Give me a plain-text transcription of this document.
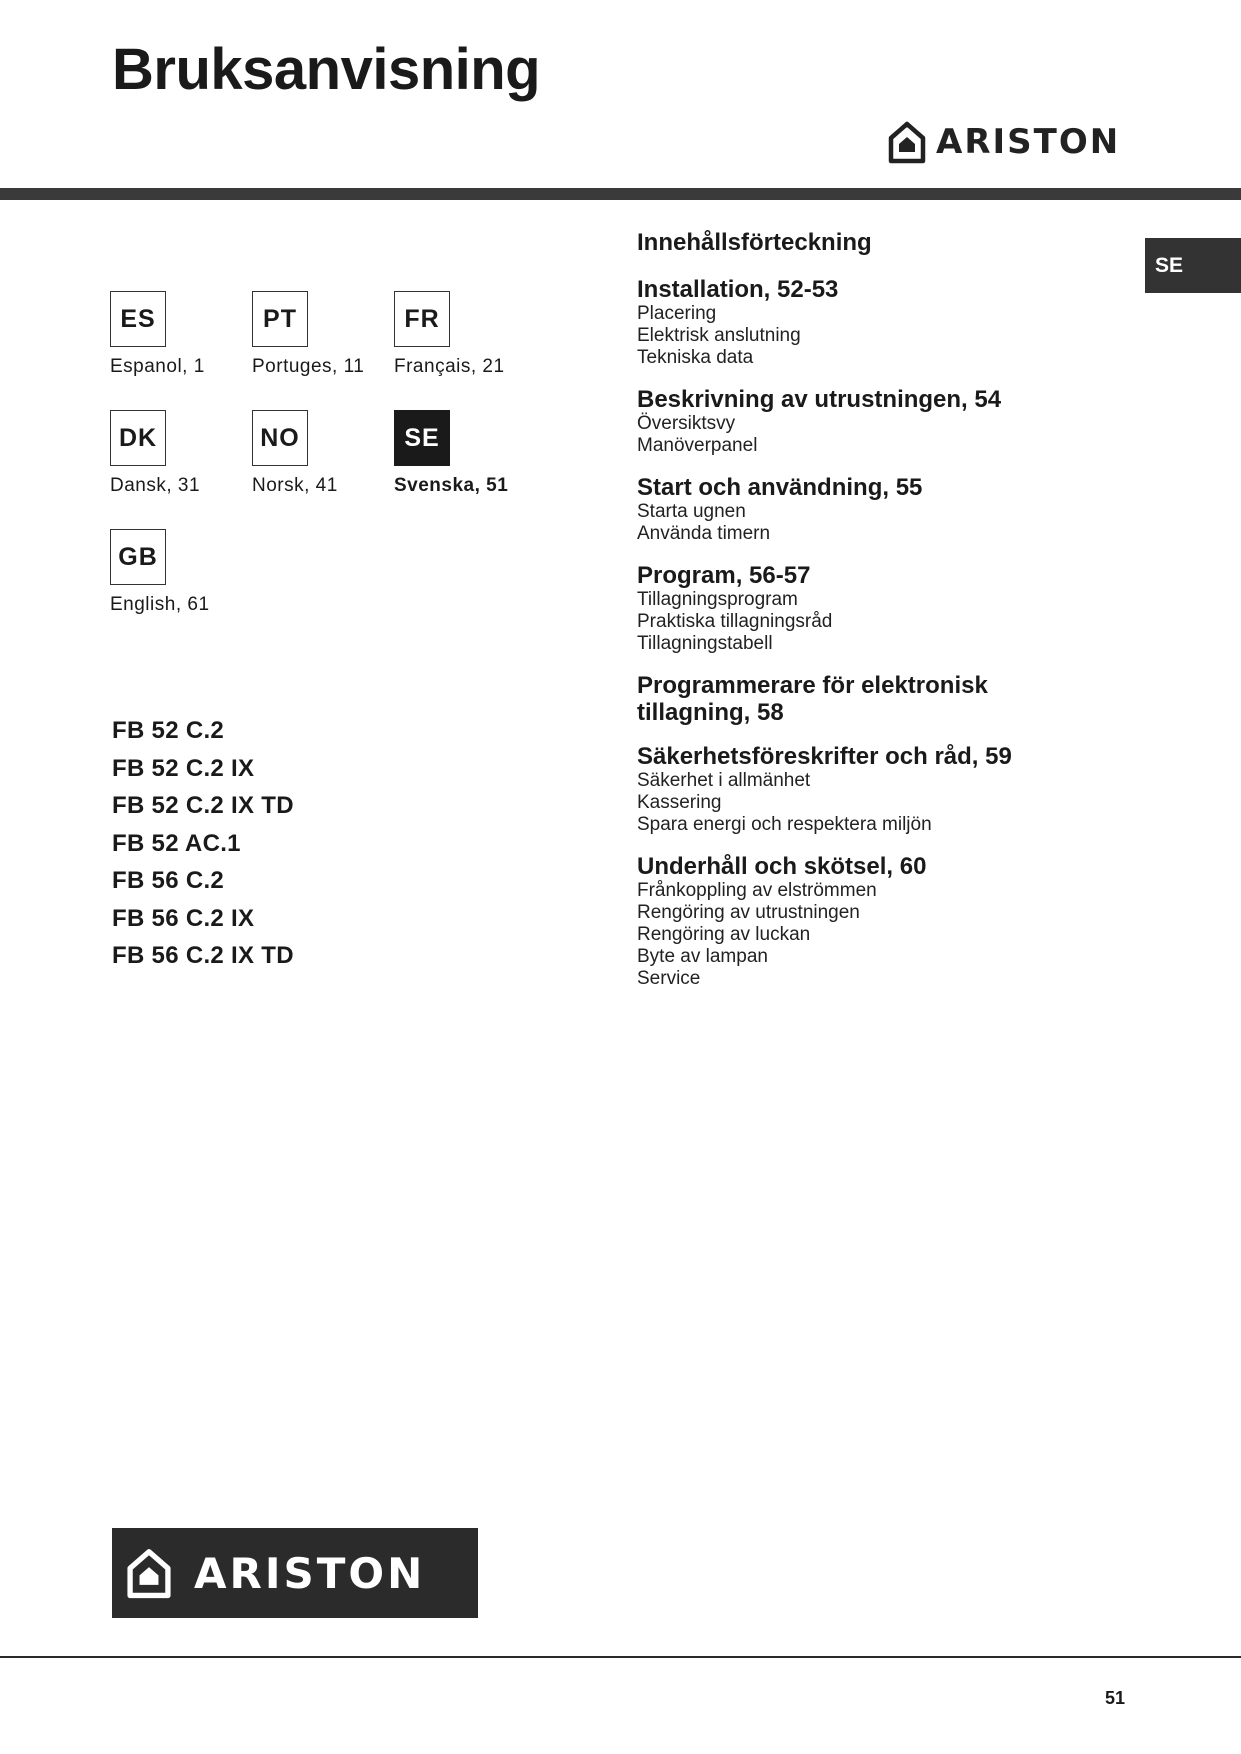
Bruksanvisning
ARISTON
SE
ES
Espanol, 1
PT
Portuges, 11
FR
Français, 21
DK
Dansk, 31
NO
Norsk, 41
SE
Svenska, 51
GB
English, 61
FB 52 C.2
FB 52 C.2 IX
FB 52 C.2 IX TD
FB 52 AC.1
FB 56 C.2
FB 56 C.2 IX
FB 56 C.2 IX TD
Innehållsförteckning
Installation, 52-53
Placering
Elektrisk anslutning
Tekniska data
Beskrivning av utrustningen, 54
Översiktsvy
Manöverpanel
Start och användning, 55
Starta ugnen
Använda timern
Program, 56-57
Tillagningsprogram
Praktiska tillagningsråd
Tillagningstabell
Programmerare för elektronisk tillagning, 58
Säkerhetsföreskrifter och råd, 59
Säkerhet i allmänhet
Kassering
Spara energi och respektera miljön
Underhåll och skötsel, 60
Frånkoppling av elströmmen
Rengöring av utrustningen
Rengöring av luckan
Byte av lampan
Service
ARISTON
51
